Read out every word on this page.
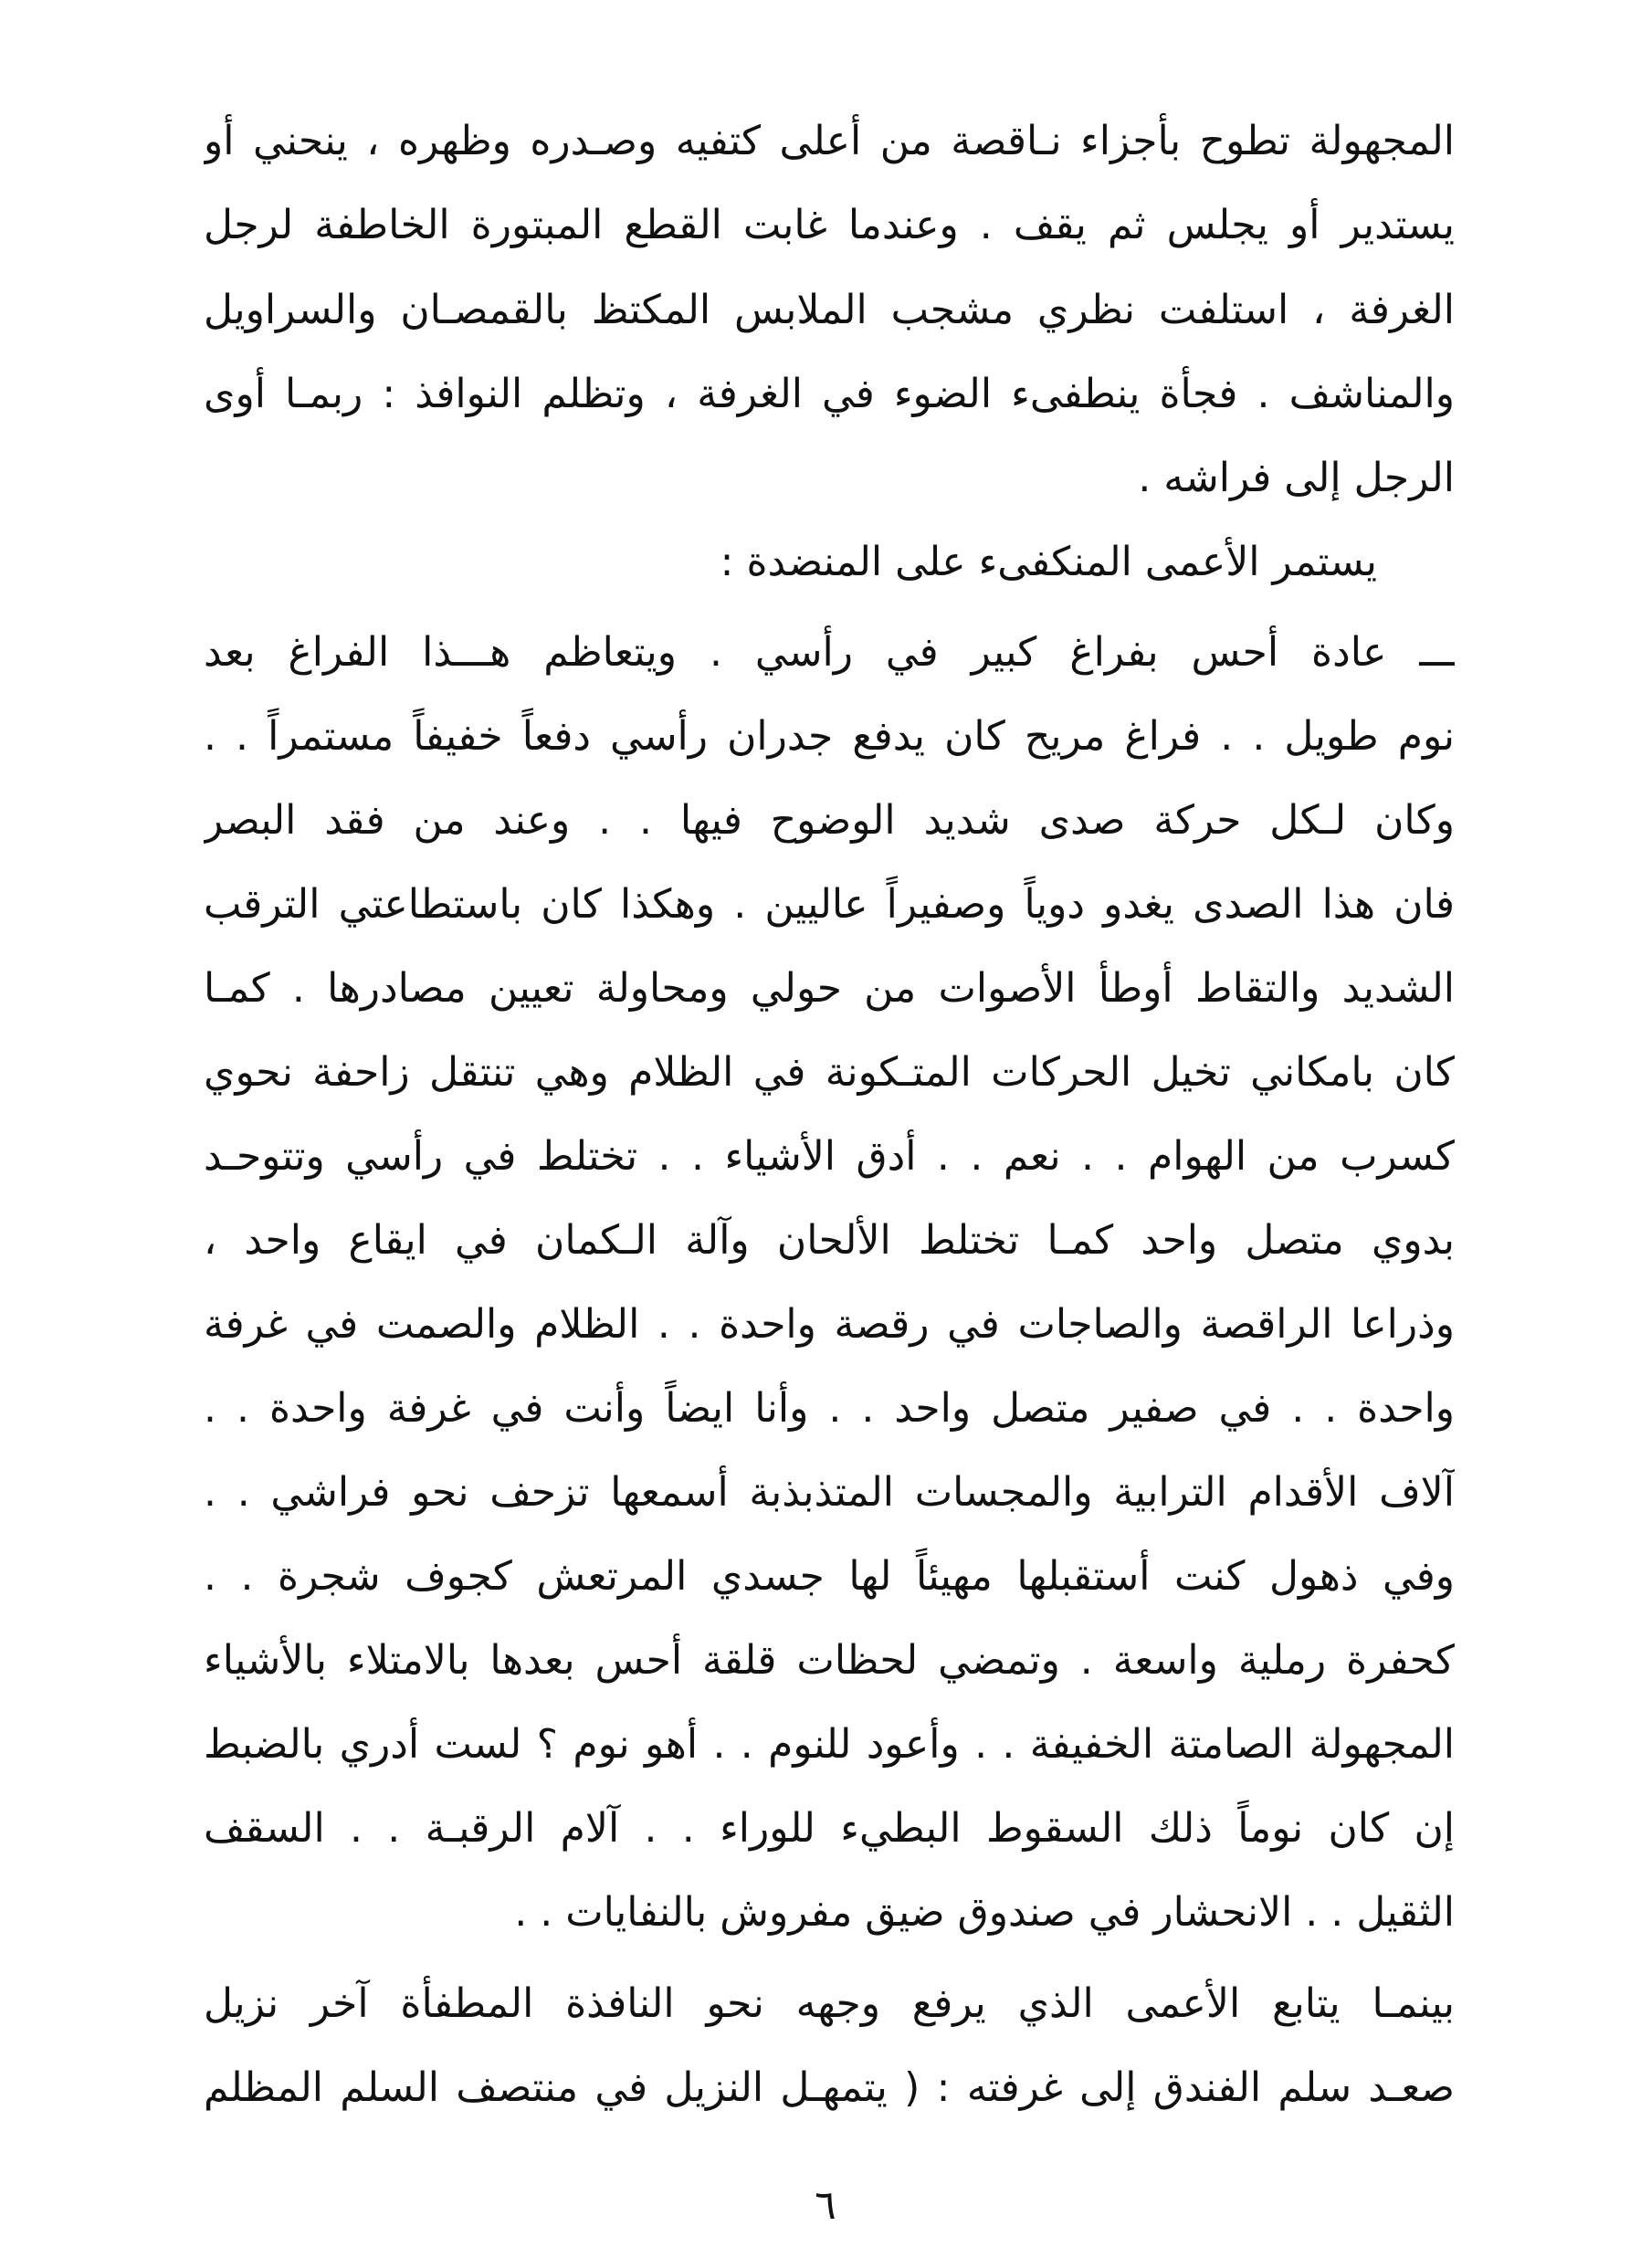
المجهولة تطوح بأجزاء نـاقصة من أعلى كتفيه وصـدره وظهره ، ينحني أو
يستدير أو يجلس ثم يقف . وعندما غابت القطع المبتورة الخاطفة لرجل
الغرفة ، استلفت نظري مشجب الملابس المكتظ بالقمصـان والسراويل
والمناشف . فجأة ينطفىء الضوء في الغرفة ، وتظلم النوافذ : ربمـا أوى
الرجل إلى فراشه .
يستمر الأعمى المنكفىء على المنضدة :
ـــ عادة أحس بفراغ كبير في رأسي . ويتعاظم هـــذا الفراغ بعد
نوم طويل . . فراغ مريح كان يدفع جدران رأسي دفعاً خفيفاً مستمراً . .
وكان لـكل حركة صدى شديد الوضوح فيها . . وعند من فقد البصر
فان هذا الصدى يغدو دوياً وصفيراً عاليين . وهكذا كان باستطاعتي الترقب
الشديد والتقاط أوطأ الأصوات من حولي ومحاولة تعيين مصادرها . كمـا
كان بامكاني تخيل الحركات المتـكونة في الظلام وهي تنتقل زاحفة نحوي
كسرب من الهوام . . نعم . . أدق الأشياء . . تختلط في رأسي وتتوحـد
بدوي متصل واحد كمـا تختلط الألحان وآلة الـكمان في ايقاع واحد ،
وذراعا الراقصة والصاجات في رقصة واحدة . . الظلام والصمت في غرفة
واحدة . . في صفير متصل واحد . . وأنا ايضاً وأنت في غرفة واحدة . .
آلاف الأقدام الترابية والمجسات المتذبذبة أسمعها تزحف نحو فراشي . .
وفي ذهول كنت أستقبلها مهيئاً لها جسدي المرتعش كجوف شجرة . .
كحفرة رملية واسعة . وتمضي لحظات قلقة أحس بعدها بالامتلاء بالأشياء
المجهولة الصامتة الخفيفة . . وأعود للنوم . . أهو نوم ؟ لست أدري بالضبط
إن كان نوماً ذلك السقوط البطيء للوراء . . آلام الرقبـة . . السقف
الثقيل . . الانحشار في صندوق ضيق مفروش بالنفايات . .
بينمـا يتابع الأعمى الذي يرفع وجهه نحو النافذة المطفأة آخر نزيل
صعـد سلم الفندق إلى غرفته : ( يتمهـل النزيل في منتصف السلم المظلم
٦
